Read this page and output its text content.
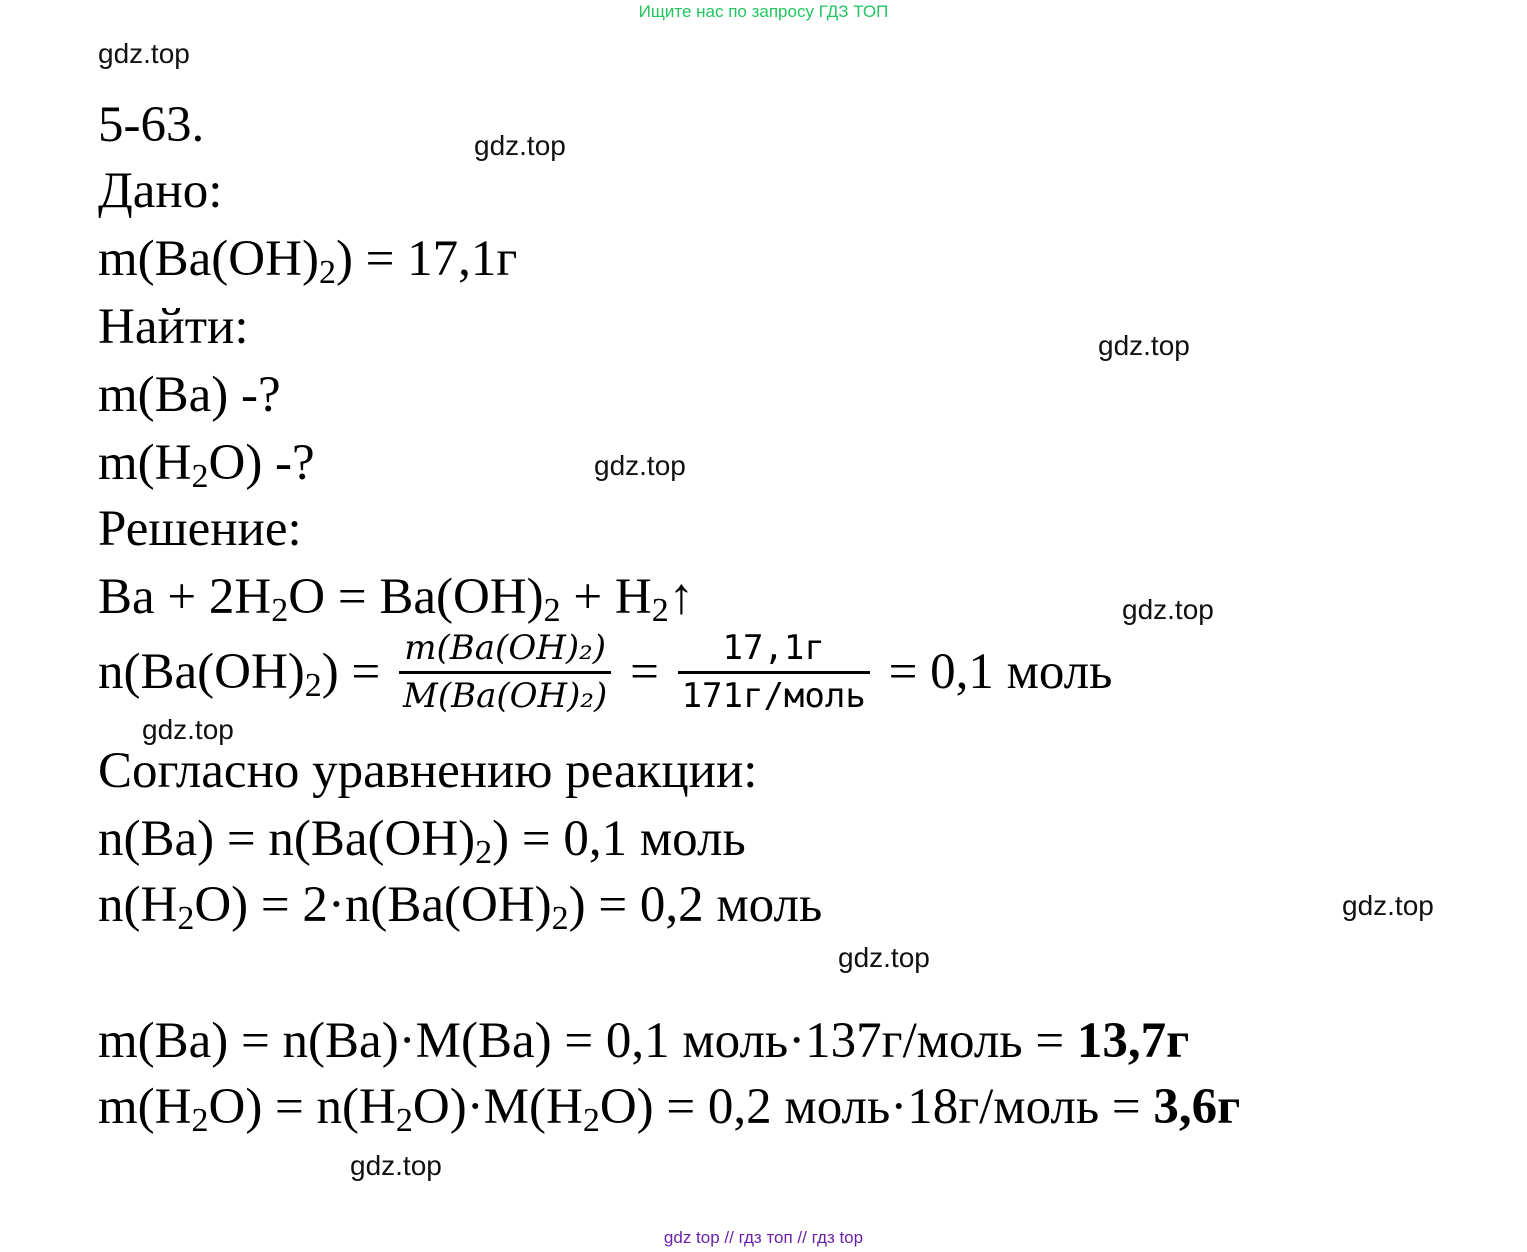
Ищите нас по запросу ГДЗ ТОП
gdz.top
gdz.top
gdz.top
gdz.top
gdz.top
gdz.top
gdz.top
gdz.top
gdz.top
5-63.
Дано:
$m(Ba(OH)_2) = 17,1г$
Найти:
m(Ba) -?
$m(H_2O)$ -?
Решение:
$Ba + 2H_2O = Ba(OH)_2$ + $H_2↑$
$n(Ba(OH)_2) = \frac{\text{m(Ba(OH)₂)}}{\text{M(Ba(OH)₂)}} = \frac{17,1г}{\text{171г/моль}} = 0,1$ моль
Согласно уравнению реакции:
$n(Ba) = n(Ba(OH)_2) = 0,1$ моль
$n(H_2O) = 2\cdot n(Ba(OH)_2) = 0,2$ моль
m(Ba) = n(Ba)·M(Ba) = 0,1 моль·137г/моль = 13,7г
$m(H_2O) = n(H_2O)\cdot M(H_2O) = 0,2$ моль·18г/моль = 3,6г
gdz top // гдз топ // гдз top
